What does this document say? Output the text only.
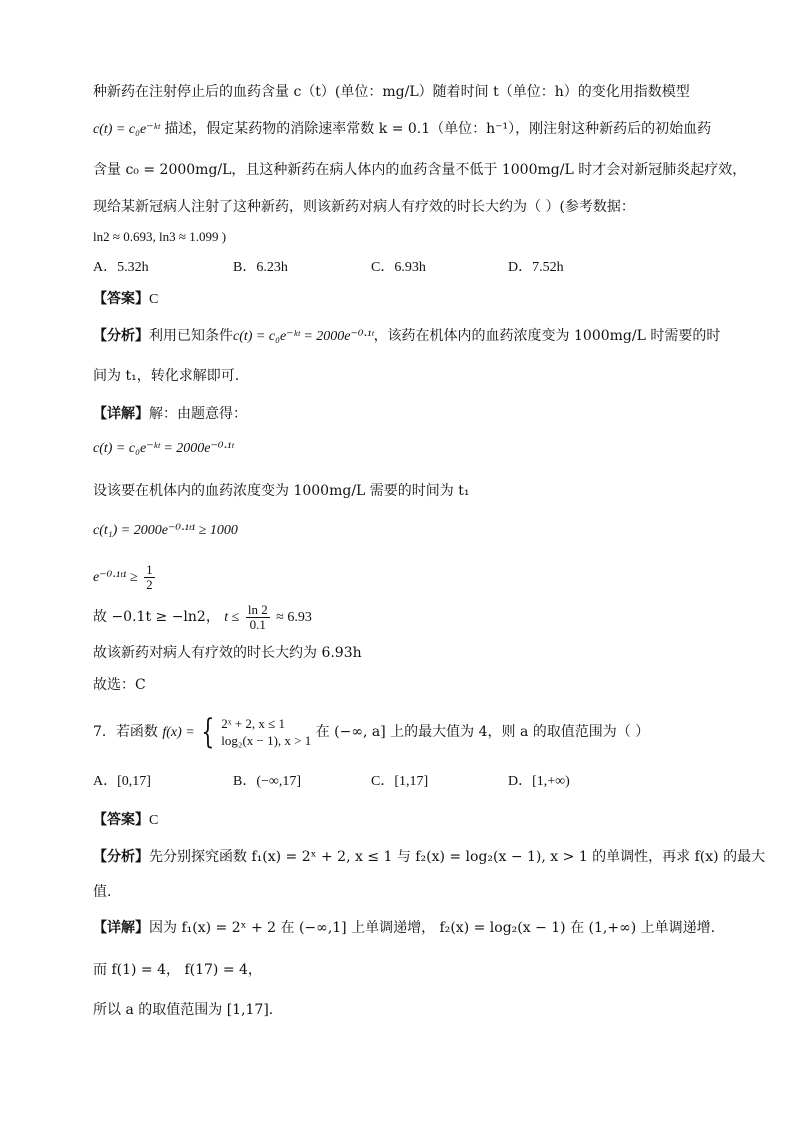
种新药在注射停止后的血药含量 c（t）(单位：mg/L）随着时间 t（单位：h）的变化用指数模型
c(t) = c₀e⁻ᵏᵗ 描述，假定某药物的消除速率常数 k = 0.1（单位：h⁻¹），刚注射这种新药后的初始血药
含量 c₀ = 2000mg/L，且这种新药在病人体内的血药含量不低于 1000mg/L 时才会对新冠肺炎起疗效，
现给某新冠病人注射了这种新药，则该新药对病人有疗效的时长大约为（ ）(参考数据：
ln2 ≈ 0.693, ln3 ≈ 1.099 )
A．5.32h	B．6.23h	C．6.93h	D．7.52h
【答案】C
【分析】利用已知条件c(t) = c₀e⁻ᵏᵗ = 2000e⁻⁰·¹ᵗ，该药在机体内的血药浓度变为 1000mg/L 时需要的时
间为 t₁，转化求解即可.
【详解】解：由题意得：
c(t) = c₀e⁻ᵏᵗ = 2000e⁻⁰·¹ᵗ
设该要在机体内的血药浓度变为 1000mg/L 需要的时间为 t₁
c(t₁) = 2000e⁻⁰·¹ᵗ¹ ≥ 1000
e⁻⁰·¹ᵗ¹ ≥ $\frac{1}{2}$
故 −0.1t ≥ −ln2， $t \le \frac{\ln 2}{0.1} \approx 6.93$
故该新药对病人有疗效的时长大约为 6.93h
故选：C
7．若函数 f(x) = { 2ˣ + 2, x ≤ 1
log₂(x − 1), x > 1
在 (−∞, a] 上的最大值为 4，则 a 的取值范围为（ ）
A．[0,17]	B．(−∞,17]	C．[1,17]	D．[1,+∞)
【答案】C
【分析】先分别探究函数 f₁(x) = 2ˣ + 2, x ≤ 1 与 f₂(x) = log₂(x − 1), x > 1 的单调性，再求 f(x) 的最大
值.
【详解】因为 f₁(x) = 2ˣ + 2 在 (−∞,1] 上单调递增， f₂(x) = log₂(x − 1) 在 (1,+∞) 上单调递增.
而 f(1) = 4， f(17) = 4，
所以 a 的取值范围为 [1,17].
